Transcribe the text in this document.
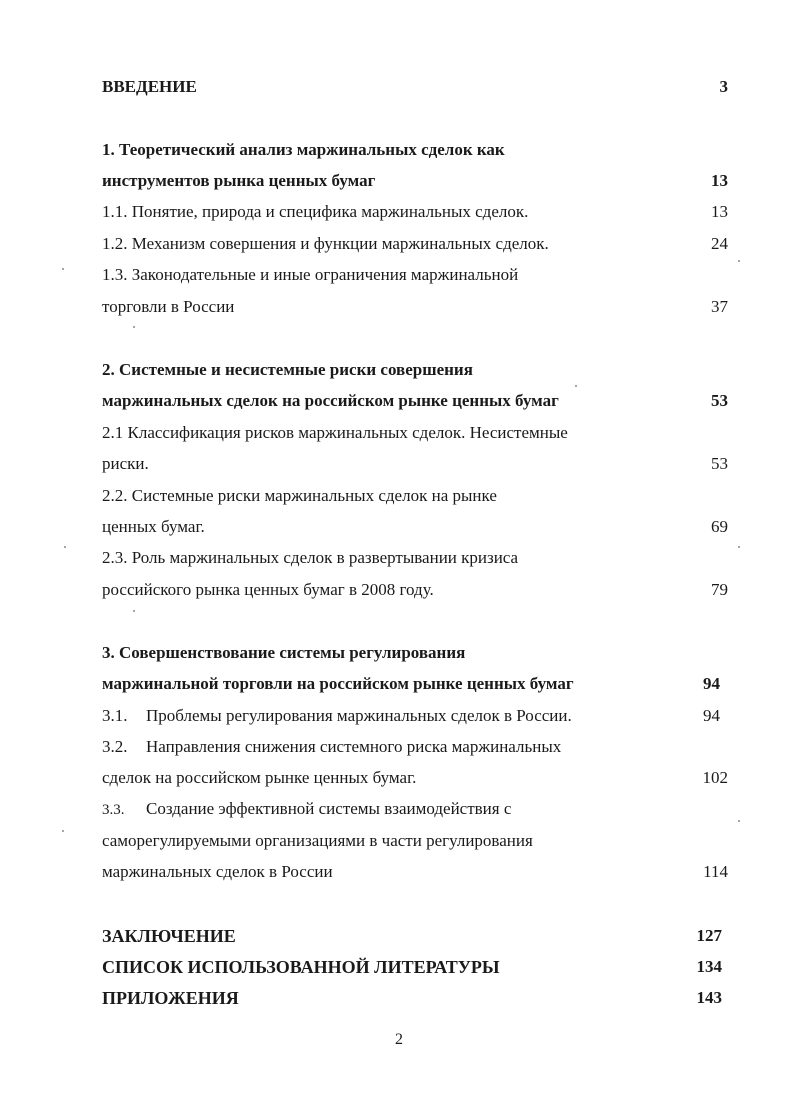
ВВЕДЕНИЕ	3
1. Теоретический анализ маржинальных сделок как
инструментов рынка ценных бумаг	13
1.1. Понятие, природа и специфика маржинальных сделок.	13
1.2. Механизм совершения и функции маржинальных сделок.	24
1.3. Законодательные и иные ограничения маржинальной
торговли в России	37
2. Системные и несистемные риски совершения
маржинальных сделок на российском рынке ценных бумаг	53
2.1 Классификация рисков маржинальных сделок. Несистемные
риски.	53
2.2. Системные риски маржинальных сделок на рынке
ценных бумаг.	69
2.3. Роль маржинальных сделок в развертывании кризиса
российского рынка ценных бумаг в 2008 году.	79
3. Совершенствование системы регулирования
маржинальной торговли на российском рынке ценных бумаг	94
3.1. Проблемы регулирования маржинальных сделок в России.	94
3.2. Направления снижения системного риска маржинальных
сделок на российском рынке ценных бумаг.	102
3.3. Создание эффективной системы взаимодействия с
саморегулируемыми организациями в части регулирования
маржинальных сделок в России	114
ЗАКЛЮЧЕНИЕ	127
СПИСОК ИСПОЛЬЗОВАННОЙ ЛИТЕРАТУРЫ	134
ПРИЛОЖЕНИЯ	143
2
